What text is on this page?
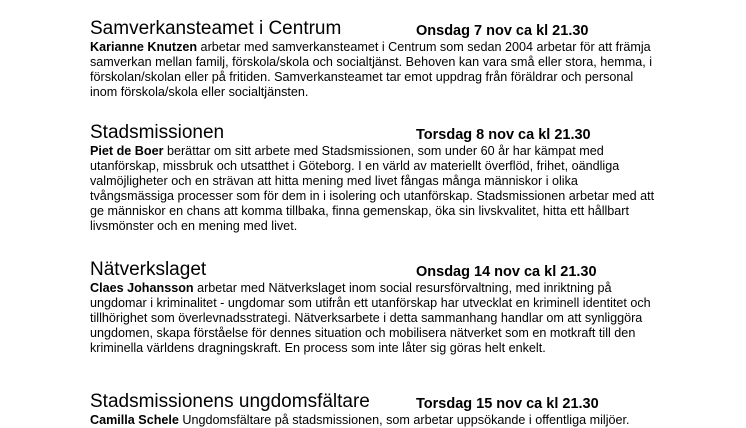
Samverkansteamet i Centrum	Onsdag 7 nov ca kl 21.30

Karianne Knutzen arbetar med samverkansteamet i Centrum som sedan 2004 arbetar för att främja samverkan mellan familj, förskola/skola och socialtjänst. Behoven kan vara små eller stora, hemma, i förskolan/skolan eller på fritiden. Samverkansteamet tar emot uppdrag från föräldrar och personal inom förskola/skola eller socialtjänsten.

Stadsmissionen	Torsdag 8 nov ca kl 21.30

Piet de Boer berättar om sitt arbete med Stadsmissionen, som under 60 år har kämpat med utanförskap, missbruk och utsatthet i Göteborg. I en värld av materiellt överflöd, frihet, oändliga valmöjligheter och en strävan att hitta mening med livet fångas många människor i olika tvångsmässiga processer som för dem in i isolering och utanförskap. Stadsmissionen arbetar med att ge människor en chans att komma tillbaka, finna gemenskap, öka sin livskvalitet, hitta ett hållbart livsmönster och en mening med livet.

Nätverkslaget	Onsdag 14 nov ca kl 21.30

Claes Johansson arbetar med Nätverkslaget inom social resursförvaltning, med inriktning på ungdomar i kriminalitet - ungdomar som utifrån ett utanförskap har utvecklat en kriminell identitet och tillhörighet som överlevnadsstrategi. Nätverksarbete i detta sammanhang handlar om att synliggöra ungdomen, skapa förståelse för dennes situation och mobilisera nätverket som en motkraft till den kriminella världens dragningskraft. En process som inte låter sig göras helt enkelt.

Stadsmissionens ungdomsfältare	Torsdag 15 nov ca kl 21.30

Camilla Schele Ungdomsfältare på stadsmissionen, som arbetar uppsökande i offentliga miljöer.
